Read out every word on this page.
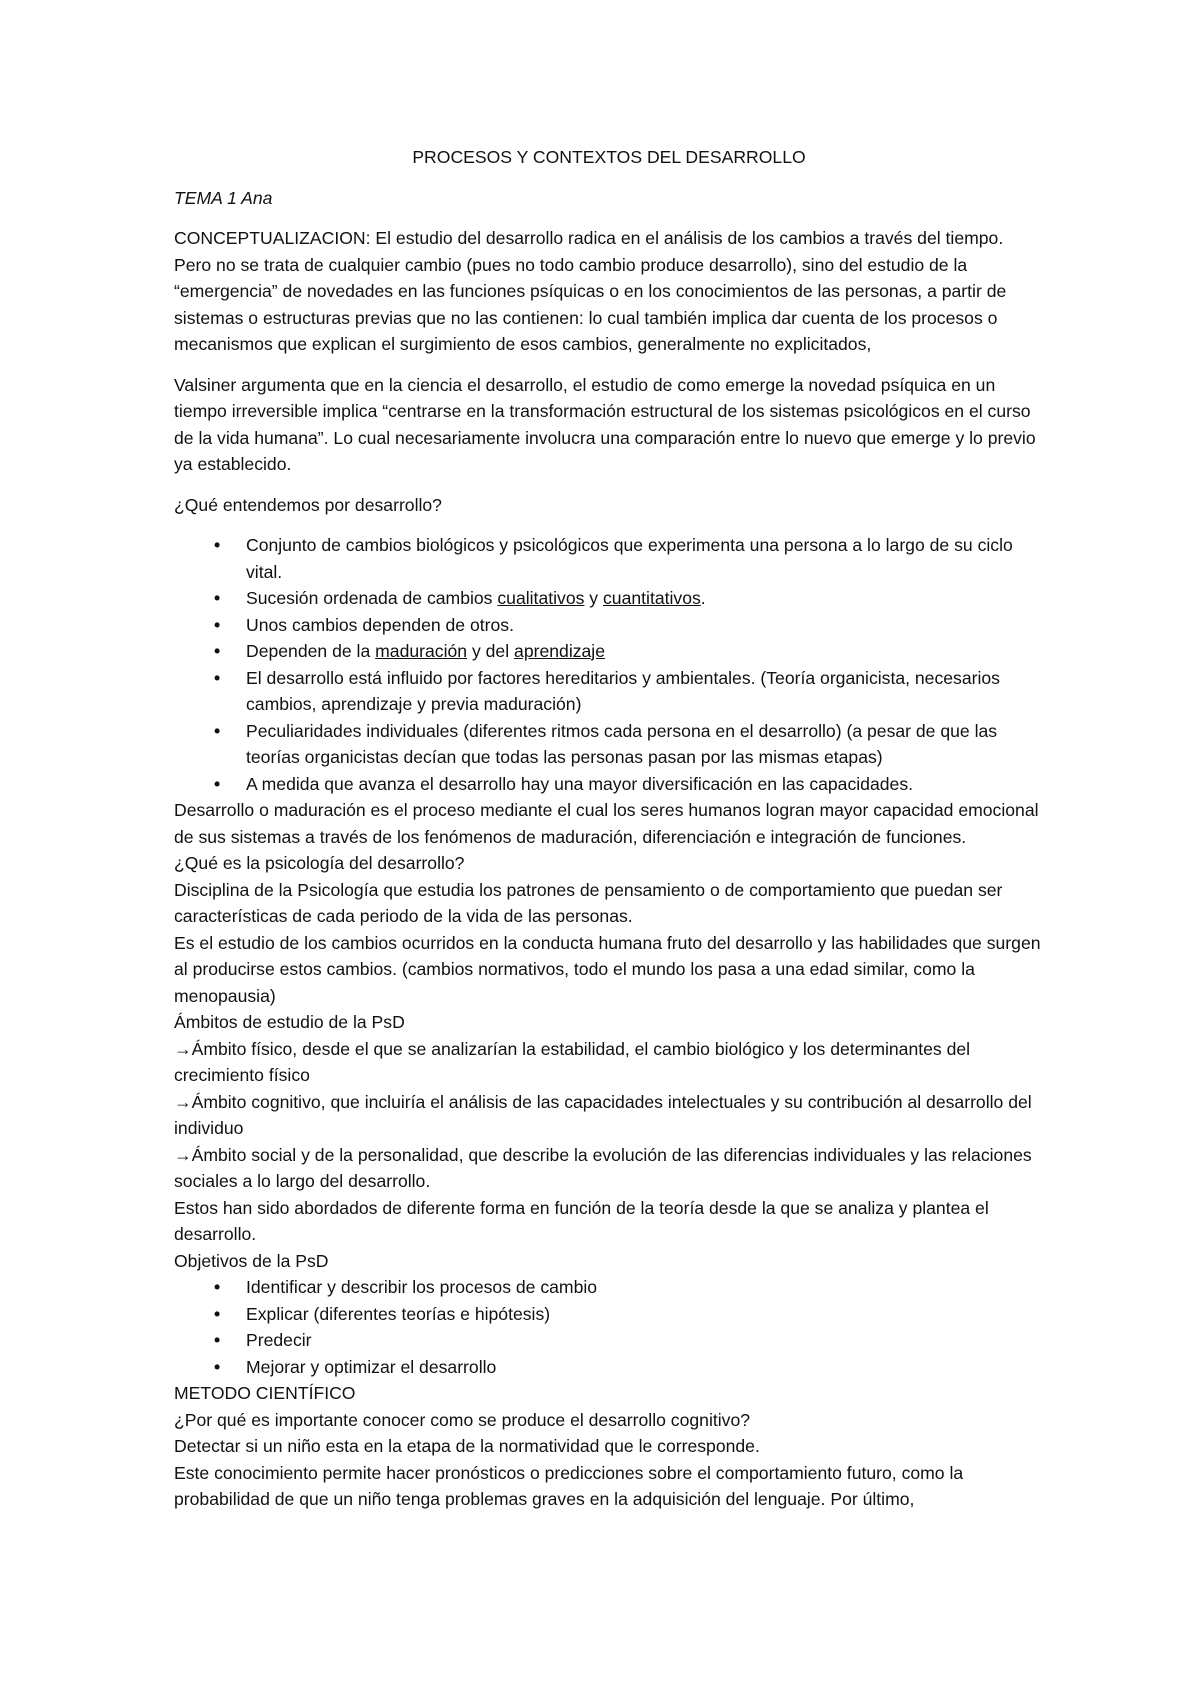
PROCESOS Y CONTEXTOS DEL DESARROLLO

TEMA 1 Ana

CONCEPTUALIZACION: El estudio del desarrollo radica en el análisis de los cambios a través del tiempo. Pero no se trata de cualquier cambio (pues no todo cambio produce desarrollo), sino del estudio de la “emergencia” de novedades en las funciones psíquicas o en los conocimientos de las personas, a partir de sistemas o estructuras previas que no las contienen: lo cual también implica dar cuenta de los procesos o mecanismos que explican el surgimiento de esos cambios, generalmente no explicitados,

Valsiner argumenta que en la ciencia el desarrollo, el estudio de como emerge la novedad psíquica en un tiempo irreversible implica “centrarse en la transformación estructural de los sistemas psicológicos en el curso de la vida humana”. Lo cual necesariamente involucra una comparación entre lo nuevo que emerge y lo previo ya establecido.

¿Qué entendemos por desarrollo?

• Conjunto de cambios biológicos y psicológicos que experimenta una persona a lo largo de su ciclo vital.
• Sucesión ordenada de cambios cualitativos y cuantitativos.
• Unos cambios dependen de otros.
• Dependen de la maduración y del aprendizaje
• El desarrollo está influido por factores hereditarios y ambientales. (Teoría organicista, necesarios cambios, aprendizaje y previa maduración)
• Peculiaridades individuales (diferentes ritmos cada persona en el desarrollo) (a pesar de que las teorías organicistas decían que todas las personas pasan por las mismas etapas)
• A medida que avanza el desarrollo hay una mayor diversificación en las capacidades.

Desarrollo o maduración es el proceso mediante el cual los seres humanos logran mayor capacidad emocional de sus sistemas a través de los fenómenos de maduración, diferenciación e integración de funciones.

¿Qué es la psicología del desarrollo?

Disciplina de la Psicología que estudia los patrones de pensamiento o de comportamiento que puedan ser características de cada periodo de la vida de las personas.

Es el estudio de los cambios ocurridos en la conducta humana fruto del desarrollo y las habilidades que surgen al producirse estos cambios. (cambios normativos, todo el mundo los pasa a una edad similar, como la menopausia)

Ámbitos de estudio de la PsD

→Ámbito físico, desde el que se analizarían la estabilidad, el cambio biológico y los determinantes del crecimiento físico

→Ámbito cognitivo, que incluiría el análisis de las capacidades intelectuales y su contribución al desarrollo del individuo

→Ámbito social y de la personalidad, que describe la evolución de las diferencias individuales y las relaciones sociales a lo largo del desarrollo.

Estos han sido abordados de diferente forma en función de la teoría desde la que se analiza y plantea el desarrollo.

Objetivos de la PsD

• Identificar y describir los procesos de cambio
• Explicar (diferentes teorías e hipótesis)
• Predecir
• Mejorar y optimizar el desarrollo

METODO CIENTÍFICO

¿Por qué es importante conocer como se produce el desarrollo cognitivo?

Detectar si un niño esta en la etapa de la normatividad que le corresponde.

Este conocimiento permite hacer pronósticos o predicciones sobre el comportamiento futuro, como la probabilidad de que un niño tenga problemas graves en la adquisición del lenguaje. Por último,
